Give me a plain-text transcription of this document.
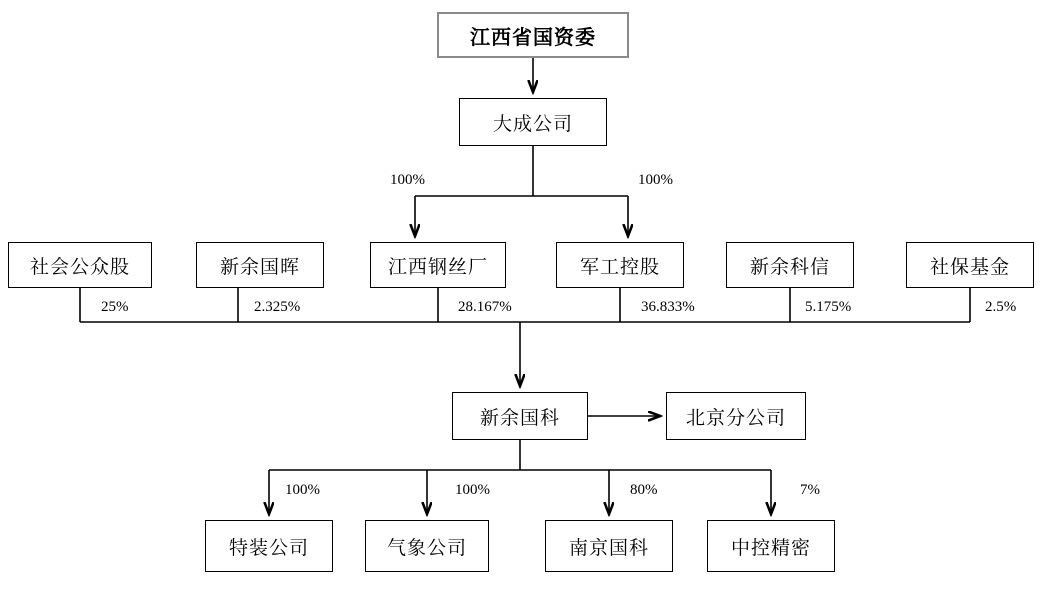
江西省国资委
大成公司
社会公众股	新余国晖	江西钢丝厂	军工控股	新余科信	社保基金
新余国科	北京分公司
特装公司	气象公司	南京国科	中控精密
100%	100%
25%	2.325%	28.167%	36.833%	5.175%	2.5%
100%	100%	80%	7%
